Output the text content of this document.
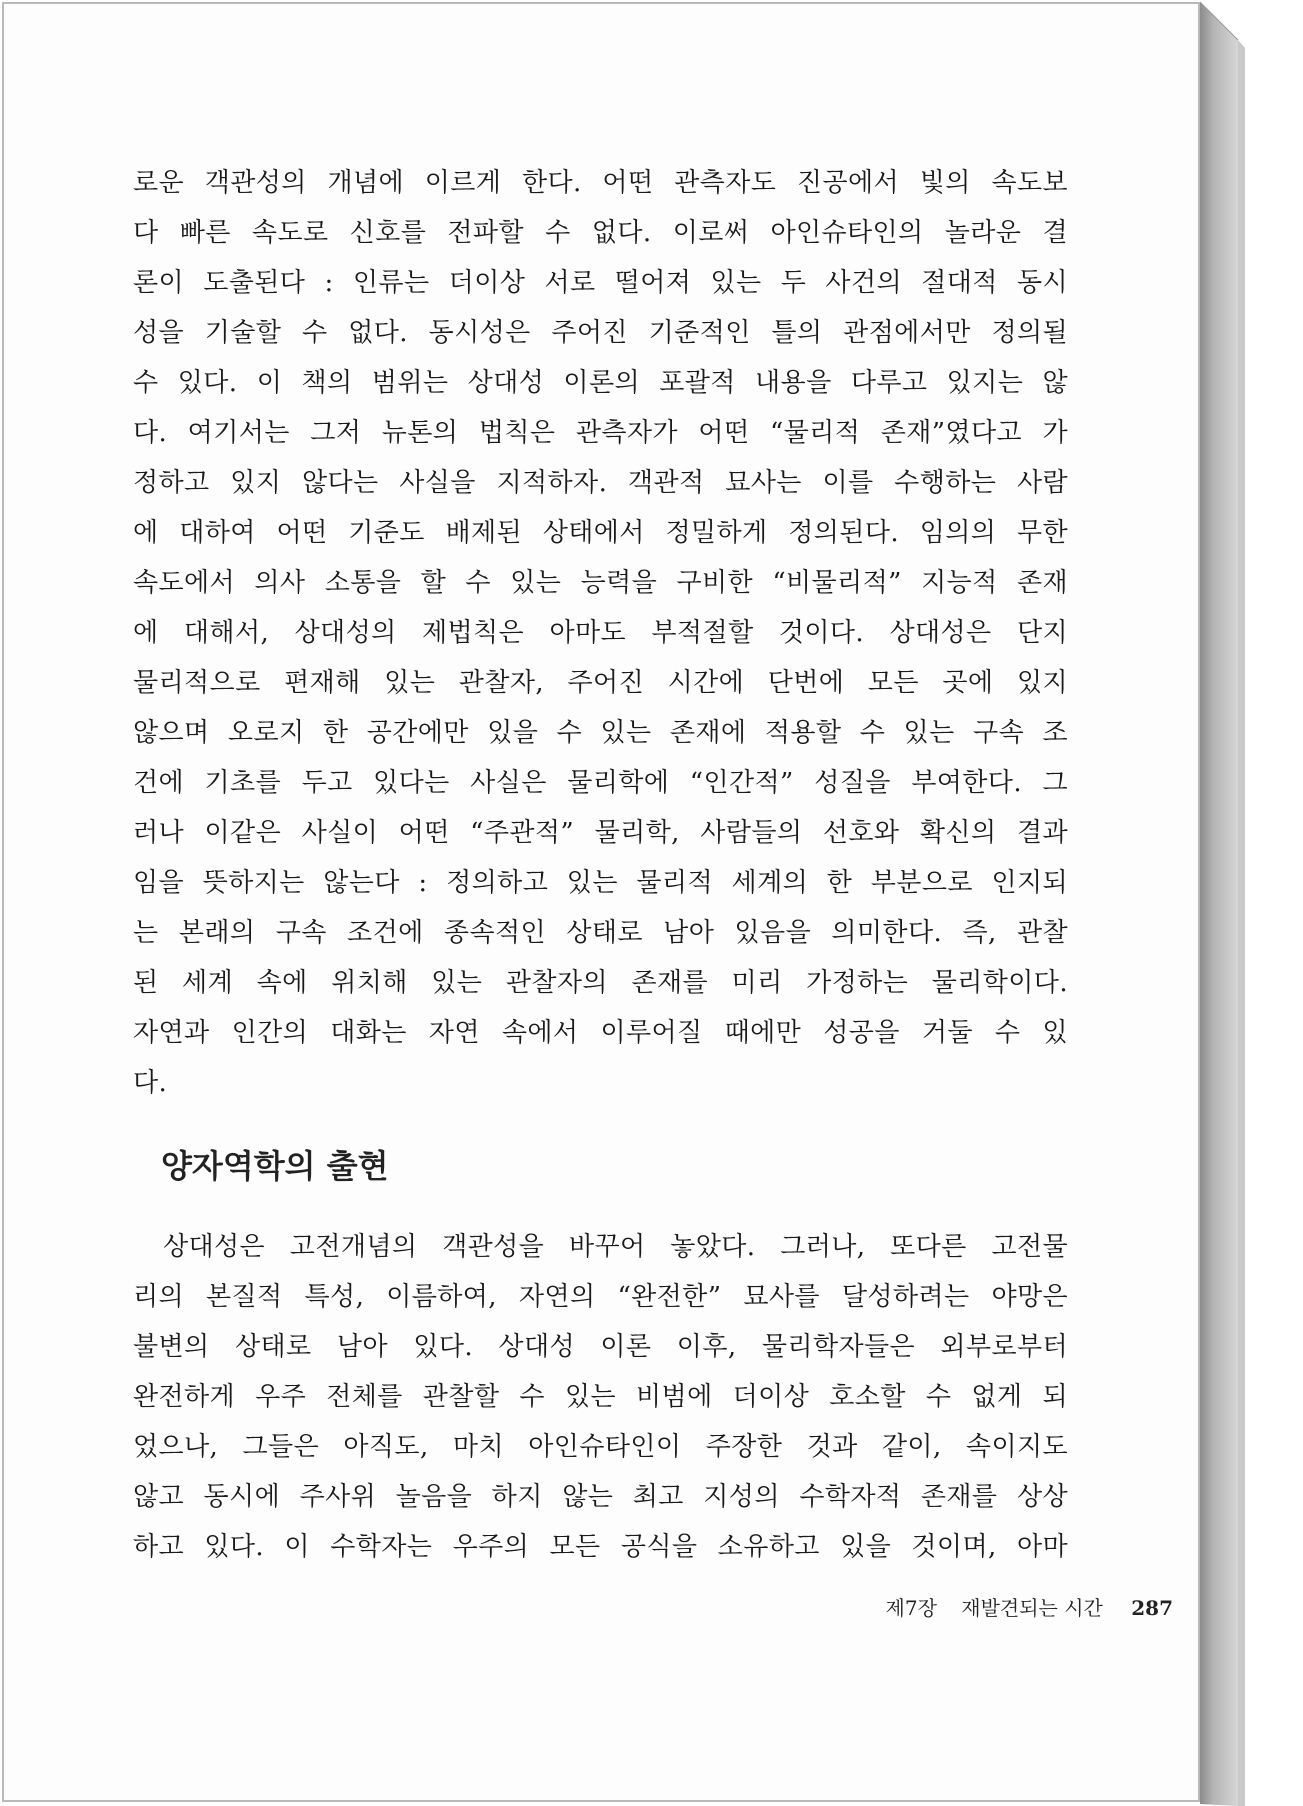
로운 객관성의 개념에 이르게 한다. 어떤 관측자도 진공에서 빛의 속도보
다 빠른 속도로 신호를 전파할 수 없다. 이로써 아인슈타인의 놀라운 결
론이 도출된다 : 인류는 더이상 서로 떨어져 있는 두 사건의 절대적 동시
성을 기술할 수 없다. 동시성은 주어진 기준적인 틀의 관점에서만 정의될
수 있다. 이 책의 범위는 상대성 이론의 포괄적 내용을 다루고 있지는 않
다. 여기서는 그저 뉴톤의 법칙은 관측자가 어떤 “물리적 존재”였다고 가
정하고 있지 않다는 사실을 지적하자. 객관적 묘사는 이를 수행하는 사람
에 대하여 어떤 기준도 배제된 상태에서 정밀하게 정의된다. 임의의 무한
속도에서 의사 소통을 할 수 있는 능력을 구비한 “비물리적” 지능적 존재
에 대해서, 상대성의 제법칙은 아마도 부적절할 것이다. 상대성은 단지
물리적으로 편재해 있는 관찰자, 주어진 시간에 단번에 모든 곳에 있지
않으며 오로지 한 공간에만 있을 수 있는 존재에 적용할 수 있는 구속 조
건에 기초를 두고 있다는 사실은 물리학에 “인간적” 성질을 부여한다. 그
러나 이같은 사실이 어떤 “주관적” 물리학, 사람들의 선호와 확신의 결과
임을 뜻하지는 않는다 : 정의하고 있는 물리적 세계의 한 부분으로 인지되
는 본래의 구속 조건에 종속적인 상태로 남아 있음을 의미한다. 즉, 관찰
된 세계 속에 위치해 있는 관찰자의 존재를 미리 가정하는 물리학이다.
자연과 인간의 대화는 자연 속에서 이루어질 때에만 성공을 거둘 수 있
다.
양자역학의 출현
상대성은 고전개념의 객관성을 바꾸어 놓았다. 그러나, 또다른 고전물
리의 본질적 특성, 이름하여, 자연의 “완전한” 묘사를 달성하려는 야망은
불변의 상태로 남아 있다. 상대성 이론 이후, 물리학자들은 외부로부터
완전하게 우주 전체를 관찰할 수 있는 비범에 더이상 호소할 수 없게 되
었으나, 그들은 아직도, 마치 아인슈타인이 주장한 것과 같이, 속이지도
않고 동시에 주사위 놀음을 하지 않는 최고 지성의 수학자적 존재를 상상
하고 있다. 이 수학자는 우주의 모든 공식을 소유하고 있을 것이며, 아마
제7장 재발견되는 시간 287
